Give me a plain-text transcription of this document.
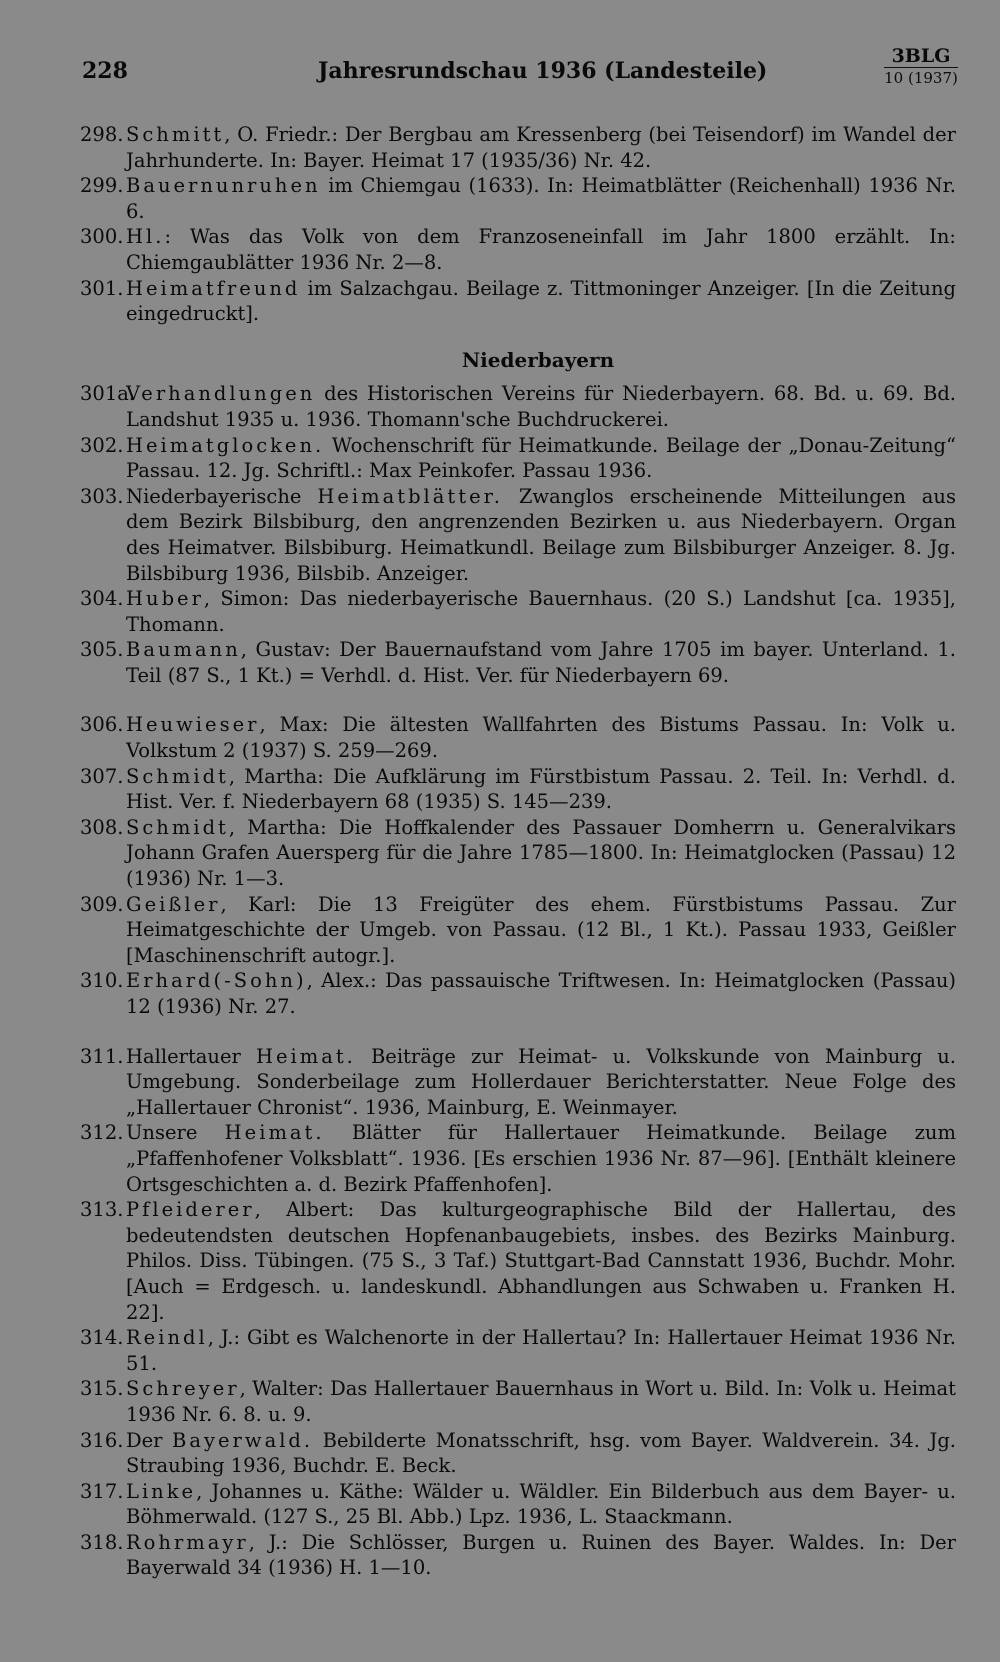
228	Jahresrundschau 1936 (Landesteile)
3BLG
10 (1937)
298. Schmitt, O. Friedr.: Der Bergbau am Kressenberg (bei Teisendorf) im Wandel der Jahrhunderte. In: Bayer. Heimat 17 (1935/36) Nr. 42.
299. Bauernunruhen im Chiemgau (1633). In: Heimatblätter (Reichenhall) 1936 Nr. 6.
300. Hl.: Was das Volk von dem Franzoseneinfall im Jahr 1800 erzählt. In: Chiemgaublätter 1936 Nr. 2—8.
301. Heimatfreund im Salzachgau. Beilage z. Tittmoninger Anzeiger. [In die Zeitung eingedruckt].
Niederbayern
301a.
Verhandlungen des Historischen Vereins für Niederbayern. 68. Bd. u. 69. Bd. Landshut 1935 u. 1936. Thomann'sche Buchdruckerei.
302. Heimatglocken. Wochenschrift für Heimatkunde. Beilage der „Donau-Zeitung“ Passau. 12. Jg. Schriftl.: Max Peinkofer. Passau 1936.
303. Niederbayerische Heimatblätter. Zwanglos erscheinende Mitteilungen aus dem Bezirk Bilsbiburg, den angrenzenden Bezirken u. aus Niederbayern. Organ des Heimatver. Bilsbiburg. Heimatkundl. Beilage zum Bilsbiburger Anzeiger. 8. Jg. Bilsbiburg 1936, Bilsbib. Anzeiger.
304. Huber, Simon: Das niederbayerische Bauernhaus. (20 S.) Landshut [ca. 1935], Thomann.
305. Baumann, Gustav: Der Bauernaufstand vom Jahre 1705 im bayer. Unterland. 1. Teil (87 S., 1 Kt.) = Verhdl. d. Hist. Ver. für Niederbayern 69.
306. Heuwieser, Max: Die ältesten Wallfahrten des Bistums Passau. In: Volk u. Volkstum 2 (1937) S. 259—269.
307. Schmidt, Martha: Die Aufklärung im Fürstbistum Passau. 2. Teil. In: Verhdl. d. Hist. Ver. f. Niederbayern 68 (1935) S. 145—239.
308. Schmidt, Martha: Die Hoffkalender des Passauer Domherrn u. Generalvikars Johann Grafen Auersperg für die Jahre 1785—1800. In: Heimatglocken (Passau) 12 (1936) Nr. 1—3.
309. Geißler, Karl: Die 13 Freigüter des ehem. Fürstbistums Passau. Zur Heimatgeschichte der Umgeb. von Passau. (12 Bl., 1 Kt.). Passau 1933, Geißler [Maschinenschrift autogr.].
310. Erhard(-Sohn), Alex.: Das passauische Triftwesen. In: Heimatglocken (Passau) 12 (1936) Nr. 27.
311. Hallertauer Heimat. Beiträge zur Heimat- u. Volkskunde von Mainburg u. Umgebung. Sonderbeilage zum Hollerdauer Berichterstatter. Neue Folge des „Hallertauer Chronist“. 1936, Mainburg, E. Weinmayer.
312. Unsere Heimat. Blätter für Hallertauer Heimatkunde. Beilage zum „Pfaffenhofener Volksblatt“. 1936. [Es erschien 1936 Nr. 87—96]. [Enthält kleinere Ortsgeschichten a. d. Bezirk Pfaffenhofen].
313. Pfleiderer, Albert: Das kulturgeographische Bild der Hallertau, des bedeutendsten deutschen Hopfenanbaugebiets, insbes. des Bezirks Mainburg. Philos. Diss. Tübingen. (75 S., 3 Taf.) Stuttgart-Bad Cannstatt 1936, Buchdr. Mohr. [Auch = Erdgesch. u. landeskundl. Abhandlungen aus Schwaben u. Franken H. 22].
314. Reindl, J.: Gibt es Walchenorte in der Hallertau? In: Hallertauer Heimat 1936 Nr. 51.
315. Schreyer, Walter: Das Hallertauer Bauernhaus in Wort u. Bild. In: Volk u. Heimat 1936 Nr. 6. 8. u. 9.
316. Der Bayerwald. Bebilderte Monatsschrift, hsg. vom Bayer. Waldverein. 34. Jg. Straubing 1936, Buchdr. E. Beck.
317. Linke, Johannes u. Käthe: Wälder u. Wäldler. Ein Bilderbuch aus dem Bayer- u. Böhmerwald. (127 S., 25 Bl. Abb.) Lpz. 1936, L. Staackmann.
318. Rohrmayr, J.: Die Schlösser, Burgen u. Ruinen des Bayer. Waldes. In: Der Bayerwald 34 (1936) H. 1—10.
